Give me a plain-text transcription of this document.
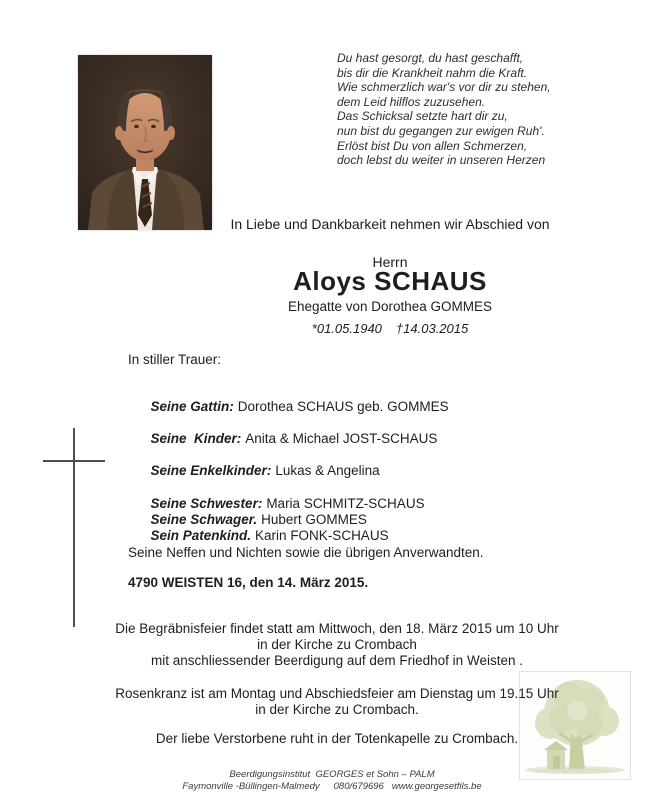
Du hast gesorgt, du hast geschafft,
bis dir die Krankheit nahm die Kraft.
Wie schmerzlich war's vor dir zu stehen,
dem Leid hilflos zuzusehen.
Das Schicksal setzte hart dir zu,
nun bist du gegangen zur ewigen Ruh'.
Erlöst bist Du von allen Schmerzen,
doch lebst du weiter in unseren Herzen
In Liebe und Dankbarkeit nehmen wir Abschied von
Herrn
Aloys SCHAUS
Ehegatte von Dorothea GOMMES
*01.05.1940 †14.03.2015
In stiller Trauer:

Seine Gattin: Dorothea SCHAUS geb. GOMMES

Seine  Kinder: Anita & Michael JOST-SCHAUS

Seine Enkelkinder: Lukas & Angelina

Seine Schwester: Maria SCHMITZ-SCHAUS

Seine Schwager. Hubert GOMMES

Sein Patenkind. Karin FONK-SCHAUS

Seine Neffen und Nichten sowie die übrigen Anverwandten.
4790 WEISTEN 16, den 14. März 2015.

Die Begräbnisfeier findet statt am Mittwoch, den 18. März 2015 um 10 Uhr
in der Kirche zu Crombach
mit anschliessender Beerdigung auf dem Friedhof in Weisten .

Rosenkranz ist am Montag und Abschiedsfeier am Dienstag um 19.15 Uhr
in der Kirche zu Crombach.

Der liebe Verstorbene ruht in der Totenkapelle zu Crombach.

Beerdigungsinstitut  GEORGES et Sohn – PALM
Faymonville -Büllingen-Malmedy 080/679696 www.georgesetfils.be
